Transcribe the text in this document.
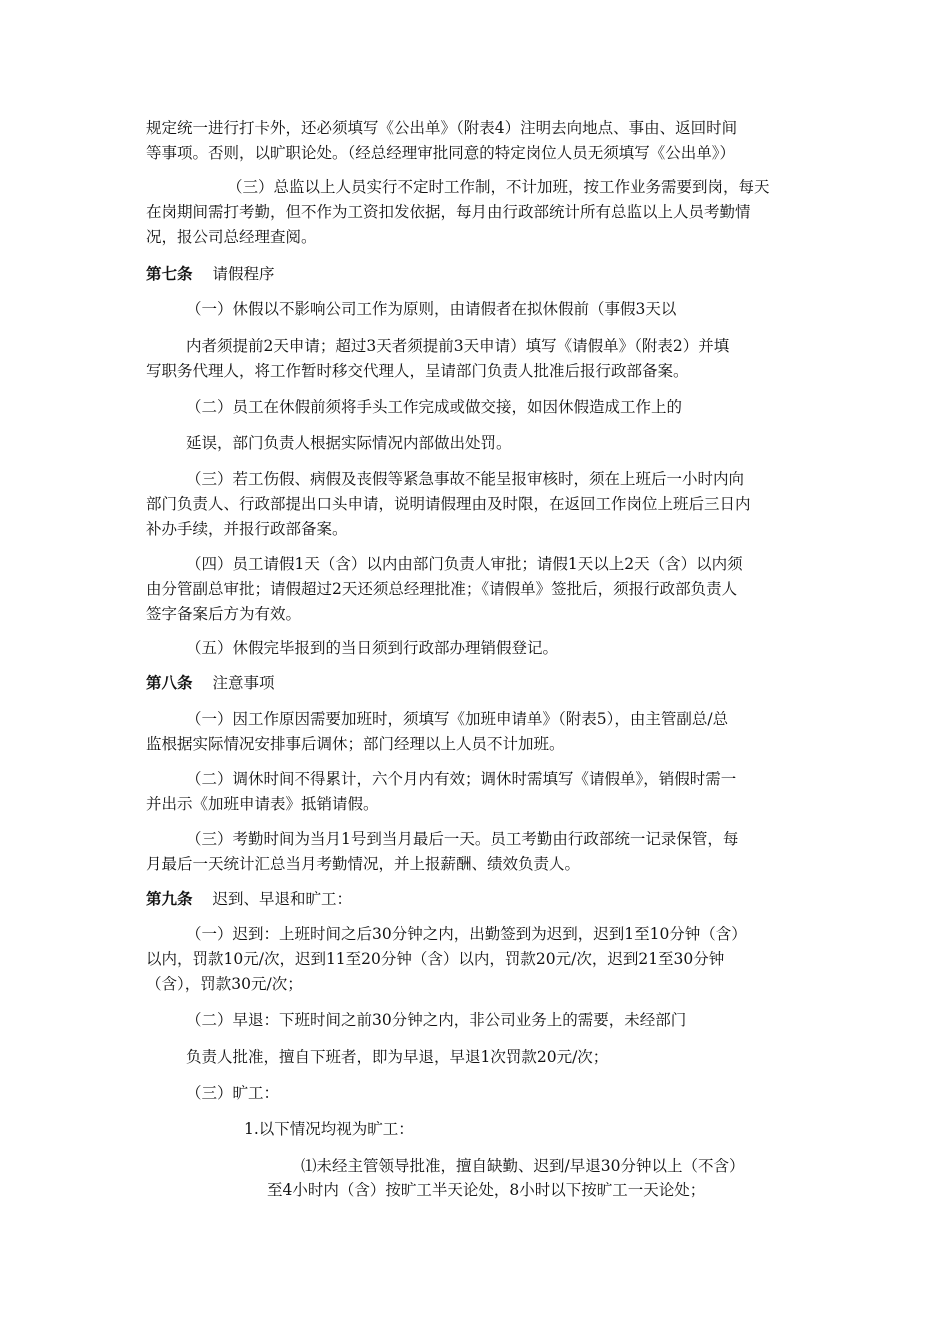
规定统一进行打卡外，还必须填写《公出单》（附表4）注明去向地点、事由、返回时间
等事项。否则，以旷职论处。（经总经理审批同意的特定岗位人员无须填写《公出单》）
（三）总监以上人员实行不定时工作制，不计加班，按工作业务需要到岗，每天
在岗期间需打考勤，但不作为工资扣发依据，每月由行政部统计所有总监以上人员考勤情
况，报公司总经理查阅。
第七条 请假程序
（一）休假以不影响公司工作为原则，由请假者在拟休假前（事假3天以
内者须提前2天申请；超过3天者须提前3天申请）填写《请假单》（附表2）并填
写职务代理人，将工作暂时移交代理人，呈请部门负责人批准后报行政部备案。
（二）员工在休假前须将手头工作完成或做交接，如因休假造成工作上的
延误，部门负责人根据实际情况内部做出处罚。
（三）若工伤假、病假及丧假等紧急事故不能呈报审核时，须在上班后一小时内向
部门负责人、行政部提出口头申请，说明请假理由及时限，在返回工作岗位上班后三日内
补办手续，并报行政部备案。
（四）员工请假1天（含）以内由部门负责人审批；请假1天以上2天（含）以内须
由分管副总审批；请假超过2天还须总经理批准；《请假单》签批后，须报行政部负责人
签字备案后方为有效。
（五）休假完毕报到的当日须到行政部办理销假登记。
第八条 注意事项
（一）因工作原因需要加班时，须填写《加班申请单》（附表5），由主管副总/总
监根据实际情况安排事后调休；部门经理以上人员不计加班。
（二）调休时间不得累计，六个月内有效；调休时需填写《请假单》，销假时需一
并出示《加班申请表》抵销请假。
（三）考勤时间为当月1号到当月最后一天。员工考勤由行政部统一记录保管，每
月最后一天统计汇总当月考勤情况，并上报薪酬、绩效负责人。
第九条 迟到、早退和旷工：
（一）迟到：上班时间之后30分钟之内，出勤签到为迟到，迟到1至10分钟（含）
以内，罚款10元/次，迟到11至20分钟（含）以内，罚款20元/次，迟到21至30分钟
（含），罚款30元/次；
（二）早退：下班时间之前30分钟之内，非公司业务上的需要，未经部门
负责人批准，擅自下班者，即为早退，早退1次罚款20元/次；
（三）旷工：
1.以下情况均视为旷工：
⑴未经主管领导批准，擅自缺勤、迟到/早退30分钟以上（不含）
至4小时内（含）按旷工半天论处，8小时以下按旷工一天论处；
